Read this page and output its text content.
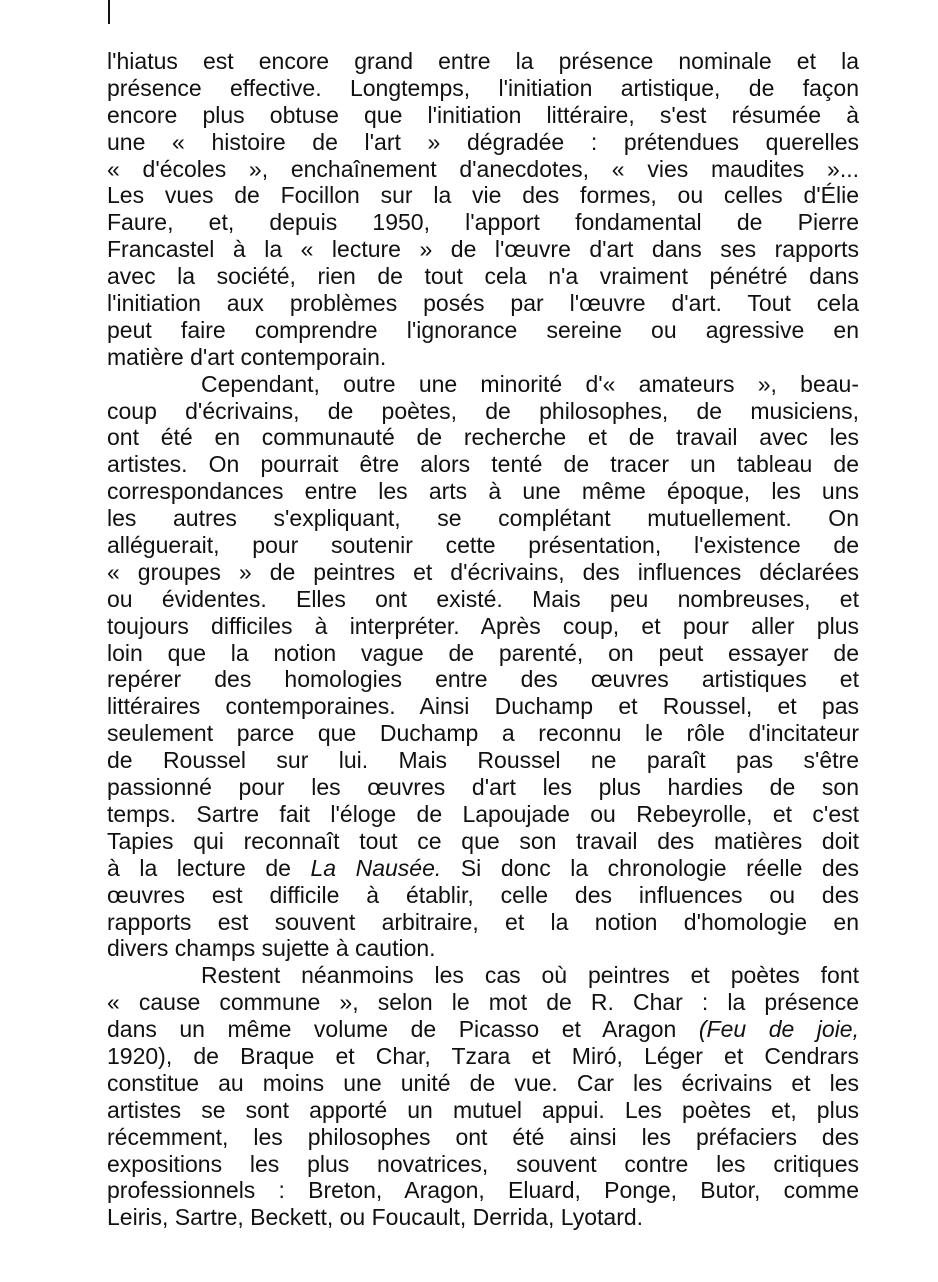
l'hiatus est encore grand entre la présence nominale et la
présence effective. Longtemps, l'initiation artistique, de façon
encore plus obtuse que l'initiation littéraire, s'est résumée à
une « histoire de l'art » dégradée : prétendues querelles
« d'écoles », enchaînement d'anecdotes, « vies maudites »...
Les vues de Focillon sur la vie des formes, ou celles d'Élie
Faure, et, depuis 1950, l'apport fondamental de Pierre
Francastel à la « lecture » de l'œuvre d'art dans ses rapports
avec la société, rien de tout cela n'a vraiment pénétré dans
l'initiation aux problèmes posés par l'œuvre d'art. Tout cela
peut faire comprendre l'ignorance sereine ou agressive en
matière d'art contemporain.
Cependant, outre une minorité d'« amateurs », beau-
coup d'écrivains, de poètes, de philosophes, de musiciens,
ont été en communauté de recherche et de travail avec les
artistes. On pourrait être alors tenté de tracer un tableau de
correspondances entre les arts à une même époque, les uns
les autres s'expliquant, se complétant mutuellement. On
alléguerait, pour soutenir cette présentation, l'existence de
« groupes » de peintres et d'écrivains, des influences déclarées
ou évidentes. Elles ont existé. Mais peu nombreuses, et
toujours difficiles à interpréter. Après coup, et pour aller plus
loin que la notion vague de parenté, on peut essayer de
repérer des homologies entre des œuvres artistiques et
littéraires contemporaines. Ainsi Duchamp et Roussel, et pas
seulement parce que Duchamp a reconnu le rôle d'incitateur
de Roussel sur lui. Mais Roussel ne paraît pas s'être
passionné pour les œuvres d'art les plus hardies de son
temps. Sartre fait l'éloge de Lapoujade ou Rebeyrolle, et c'est
Tapies qui reconnaît tout ce que son travail des matières doit
à la lecture de La Nausée. Si donc la chronologie réelle des
œuvres est difficile à établir, celle des influences ou des
rapports est souvent arbitraire, et la notion d'homologie en
divers champs sujette à caution.
Restent néanmoins les cas où peintres et poètes font
« cause commune », selon le mot de R. Char : la présence
dans un même volume de Picasso et Aragon (Feu de joie,
1920), de Braque et Char, Tzara et Miró, Léger et Cendrars
constitue au moins une unité de vue. Car les écrivains et les
artistes se sont apporté un mutuel appui. Les poètes et, plus
récemment, les philosophes ont été ainsi les préfaciers des
expositions les plus novatrices, souvent contre les critiques
professionnels : Breton, Aragon, Eluard, Ponge, Butor, comme
Leiris, Sartre, Beckett, ou Foucault, Derrida, Lyotard.
